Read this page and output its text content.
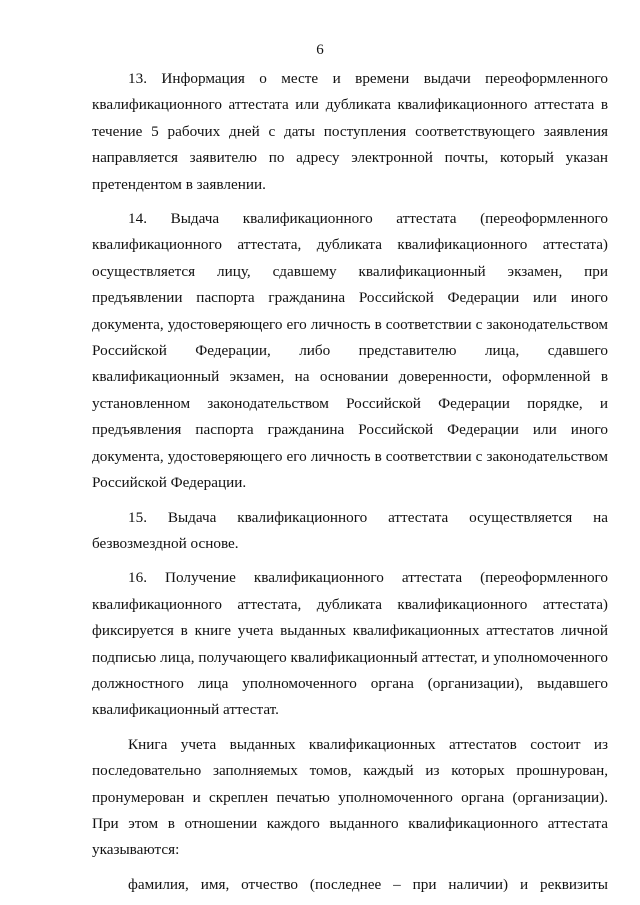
6

13. Информация о месте и времени выдачи переоформленного квалификационного аттестата или дубликата квалификационного аттестата в течение 5 рабочих дней с даты поступления соответствующего заявления направляется заявителю по адресу электронной почты, который указан претендентом в заявлении.

14. Выдача квалификационного аттестата (переоформленного квалификационного аттестата, дубликата квалификационного аттестата) осуществляется лицу, сдавшему квалификационный экзамен, при предъявлении паспорта гражданина Российской Федерации или иного документа, удостоверяющего его личность в соответствии с законодательством Российской Федерации, либо представителю лица, сдавшего квалификационный экзамен, на основании доверенности, оформленной в установленном законодательством Российской Федерации порядке, и предъявления паспорта гражданина Российской Федерации или иного документа, удостоверяющего его личность в соответствии с законодательством Российской Федерации.

15. Выдача квалификационного аттестата осуществляется на безвозмездной основе.

16. Получение квалификационного аттестата (переоформленного квалификационного аттестата, дубликата квалификационного аттестата) фиксируется в книге учета выданных квалификационных аттестатов личной подписью лица, получающего квалификационный аттестат, и уполномоченного должностного лица уполномоченного органа (организации), выдавшего квалификационный аттестат.

Книга учета выданных квалификационных аттестатов состоит из последовательно заполняемых томов, каждый из которых прошнурован, пронумерован и скреплен печатью уполномоченного органа (организации). При этом в отношении каждого выданного квалификационного аттестата указываются:

фамилия, имя, отчество (последнее – при наличии) и реквизиты
